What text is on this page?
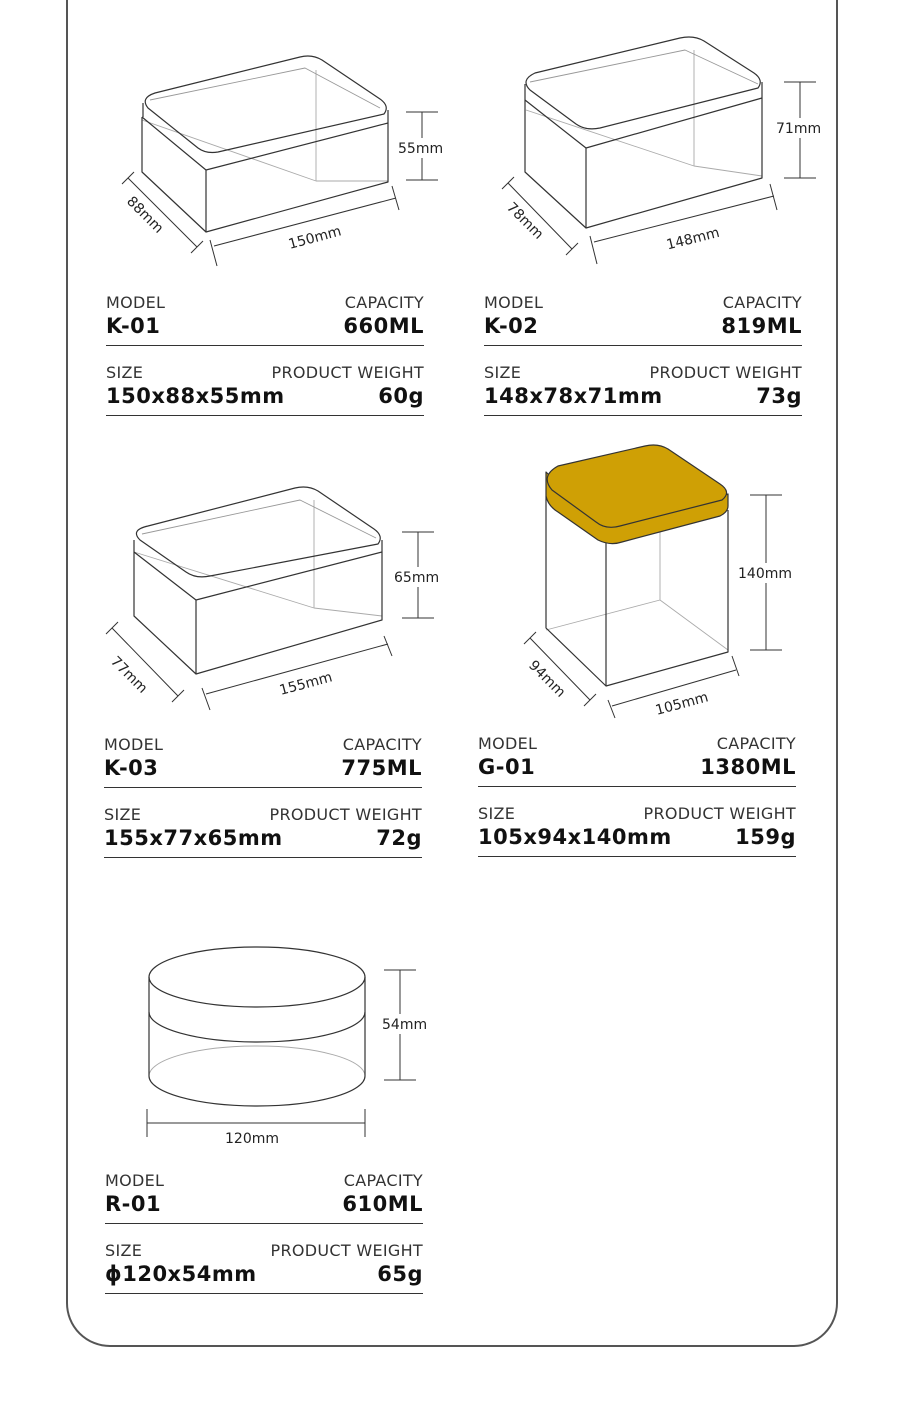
55mm
88mm
150mm
71mm
78mm	148mm
65mm
77mm	155mm
140mm
94mm
105mm
54mm
120mm
MODEL	CAPACITY
K-01	660ML
SIZE	PRODUCT WEIGHT
150x88x55mm	60g
MODEL	CAPACITY
K-02	819ML
SIZE	PRODUCT WEIGHT
148x78x71mm	73g
MODEL	CAPACITY
K-03	775ML
SIZE	PRODUCT WEIGHT
155x77x65mm	72g
MODEL	CAPACITY
G-01	1380ML
SIZE	PRODUCT WEIGHT
105x94x140mm	159g
MODEL	CAPACITY
R-01	610ML
SIZE	PRODUCT WEIGHT
ϕ120x54mm	65g
